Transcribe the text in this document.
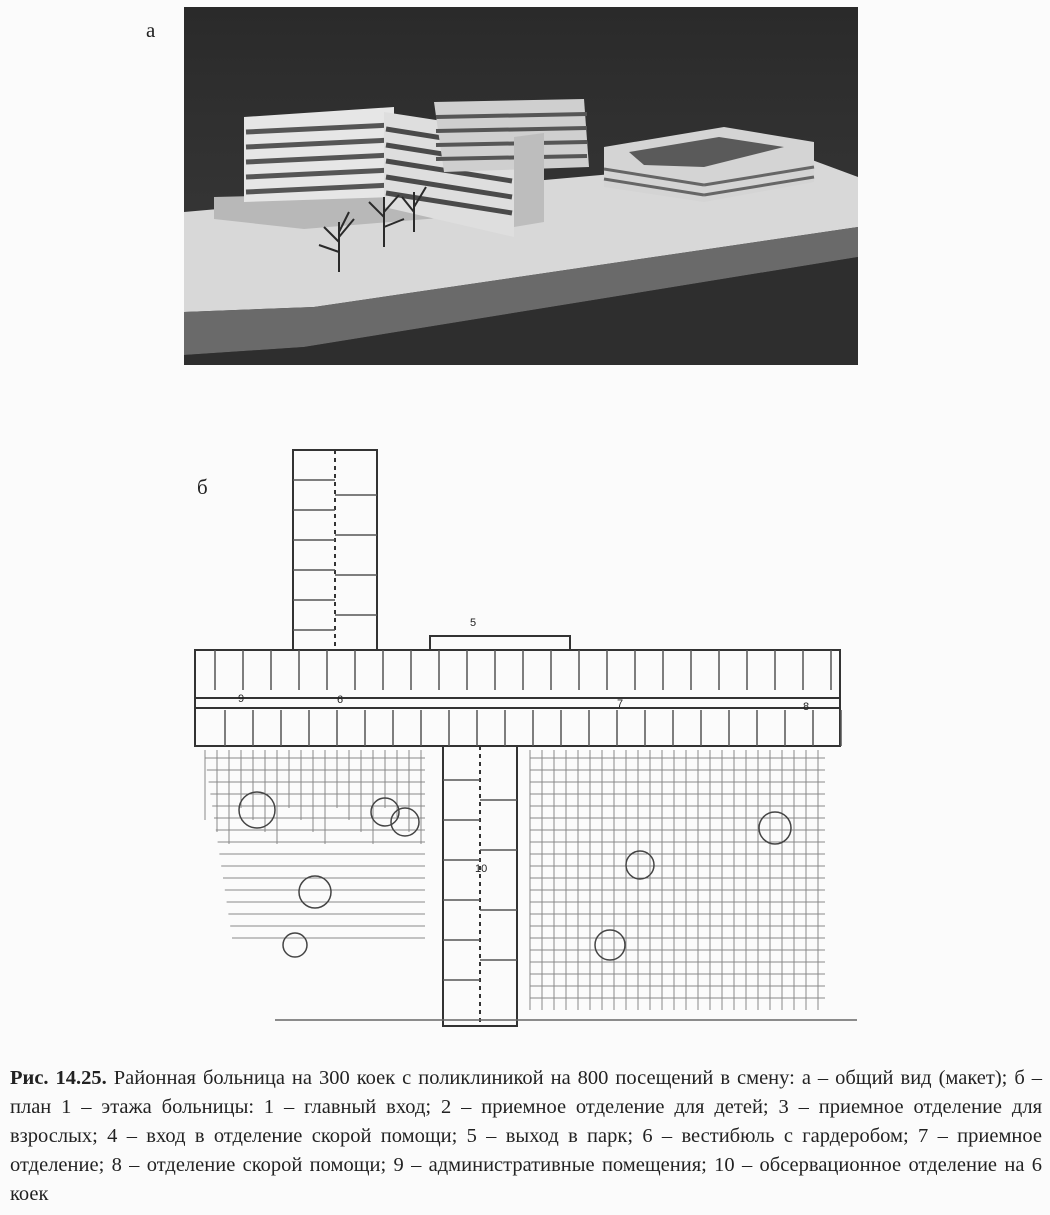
а
б
5
6	7	8
9
10
Рис. 14.25. Районная больница на 300 коек с поликлиникой на 800 посещений в смену: а – общий вид (макет); б – план 1 – этажа больницы: 1 – главный вход; 2 – приемное отделение для детей; 3 – приемное отделение для взрослых; 4 – вход в отделение скорой помощи; 5 – выход в парк; 6 – вестибюль с гардеробом; 7 – приемное отделение; 8 – отделение скорой помощи; 9 – административные помещения; 10 – обсервационное отделение на 6 коек
